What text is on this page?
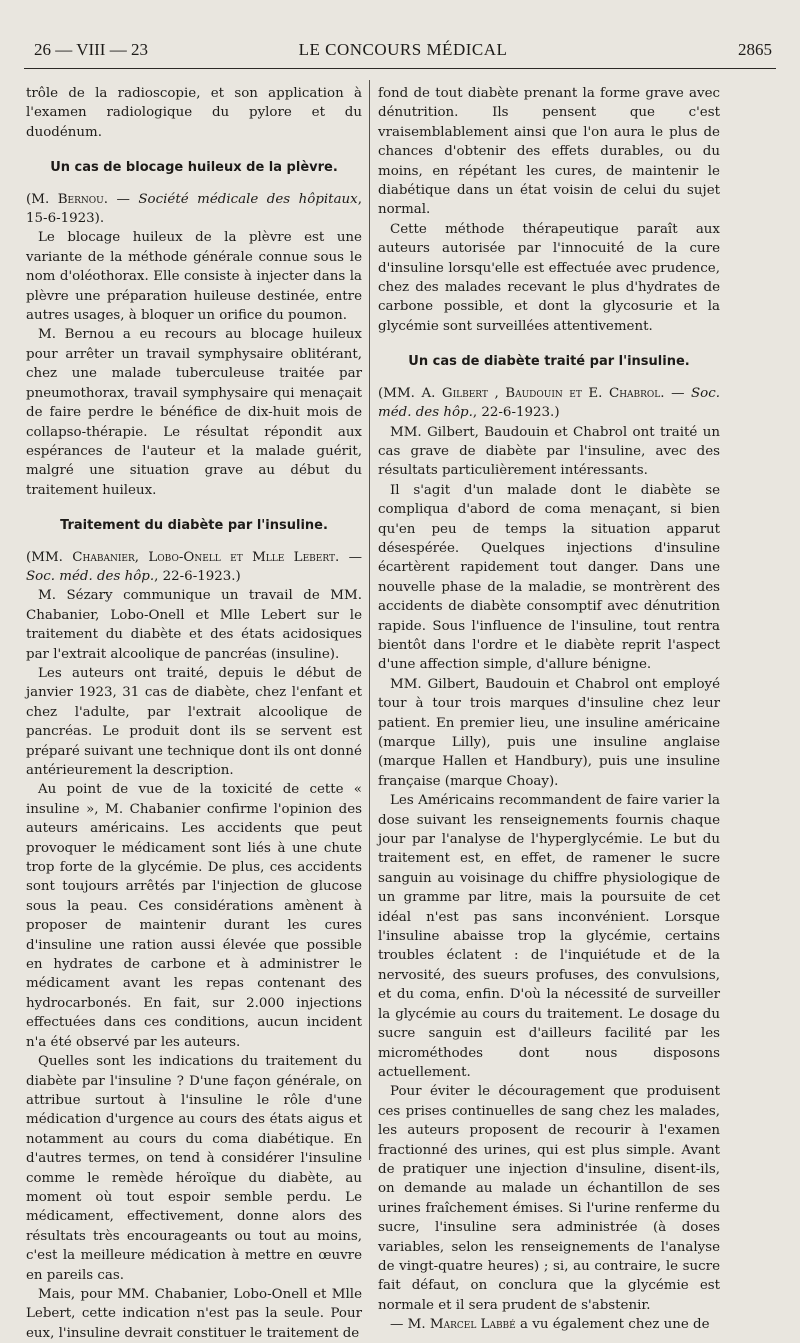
26 — VIII — 23	LE CONCOURS MÉDICAL	2865

trôle de la radioscopie, et son application à l'examen radiologique du pylore et du duodénum.

Un cas de blocage huileux de la plèvre.

(M. Bernou. — Société médicale des hôpitaux, 15-6-1923).

Le blocage huileux de la plèvre est une variante de la méthode générale connue sous le nom d'oléothorax. Elle consiste à injecter dans la plèvre une préparation huileuse destinée, entre autres usages, à bloquer un orifice du poumon.

M. Bernou a eu recours au blocage huileux pour arrêter un travail symphysaire oblitérant, chez une malade tuberculeuse traitée par pneumothorax, travail symphysaire qui menaçait de faire perdre le bénéfice de dix-huit mois de collapso-thérapie. Le résultat répondit aux espérances de l'auteur et la malade guérit, malgré une situation grave au début du traitement huileux.

Traitement du diabète par l'insuline.

(MM. Chabanier, Lobo-Onell et Mlle Lebert. — Soc. méd. des hôp., 22-6-1923.)

M. Sézary communique un travail de MM. Chabanier, Lobo-Onell et Mlle Lebert sur le traitement du diabète et des états acidosiques par l'extrait alcoolique de pancréas (insuline).

Les auteurs ont traité, depuis le début de janvier 1923, 31 cas de diabète, chez l'enfant et chez l'adulte, par l'extrait alcoolique de pancréas. Le produit dont ils se servent est préparé suivant une technique dont ils ont donné antérieurement la description.

Au point de vue de la toxicité de cette « insuline », M. Chabanier confirme l'opinion des auteurs américains. Les accidents que peut provoquer le médicament sont liés à une chute trop forte de la glycémie. De plus, ces accidents sont toujours arrêtés par l'injection de glucose sous la peau. Ces considérations amènent à proposer de maintenir durant les cures d'insuline une ration aussi élevée que possible en hydrates de carbone et à administrer le médicament avant les repas contenant des hydrocarbonés. En fait, sur 2.000 injections effectuées dans ces conditions, aucun incident n'a été observé par les auteurs.

Quelles sont les indications du traitement du diabète par l'insuline ? D'une façon générale, on attribue surtout à l'insuline le rôle d'une médication d'urgence au cours des états aigus et notamment au cours du coma diabétique. En d'autres termes, on tend à considérer l'insuline comme le remède héroïque du diabète, au moment où tout espoir semble perdu. Le médicament, effectivement, donne alors des résultats très encourageants ou tout au moins, c'est la meilleure médication à mettre en œuvre en pareils cas.

Mais, pour MM. Chabanier, Lobo-Onell et Mlle Lebert, cette indication n'est pas la seule. Pour eux, l'insuline devrait constituer le traitement de

fond de tout diabète prenant la forme grave avec dénutrition. Ils pensent que c'est vraisemblablement ainsi que l'on aura le plus de chances d'obtenir des effets durables, ou du moins, en répétant les cures, de maintenir le diabétique dans un état voisin de celui du sujet normal.

Cette méthode thérapeutique paraît aux auteurs autorisée par l'innocuité de la cure d'insuline lorsqu'elle est effectuée avec prudence, chez des malades recevant le plus d'hydrates de carbone possible, et dont la glycosurie et la glycémie sont surveillées attentivement.

Un cas de diabète traité par l'insuline.

(MM. A. Gilbert , Baudouin et E. Chabrol. — Soc. méd. des hôp., 22-6-1923.)

MM. Gilbert, Baudouin et Chabrol ont traité un cas grave de diabète par l'insuline, avec des résultats particulièrement intéressants.

Il s'agit d'un malade dont le diabète se compliqua d'abord de coma menaçant, si bien qu'en peu de temps la situation apparut désespérée. Quelques injections d'insuline écartèrent rapidement tout danger. Dans une nouvelle phase de la maladie, se montrèrent des accidents de diabète consomptif avec dénutrition rapide. Sous l'influence de l'insuline, tout rentra bientôt dans l'ordre et le diabète reprit l'aspect d'une affection simple, d'allure bénigne.

MM. Gilbert, Baudouin et Chabrol ont employé tour à tour trois marques d'insuline chez leur patient. En premier lieu, une insuline américaine (marque Lilly), puis une insuline anglaise (marque Hallen et Handbury), puis une insuline française (marque Choay).

Les Américains recommandent de faire varier la dose suivant les renseignements fournis chaque jour par l'analyse de l'hyperglycémie. Le but du traitement est, en effet, de ramener le sucre sanguin au voisinage du chiffre physiologique de un gramme par litre, mais la poursuite de cet idéal n'est pas sans inconvénient. Lorsque l'insuline abaisse trop la glycémie, certains troubles éclatent : de l'inquiétude et de la nervosité, des sueurs profuses, des convulsions, et du coma, enfin. D'où la nécessité de surveiller la glycémie au cours du traitement. Le dosage du sucre sanguin est d'ailleurs facilité par les microméthodes dont nous disposons actuellement.

Pour éviter le découragement que produisent ces prises continuelles de sang chez les malades, les auteurs proposent de recourir à l'examen fractionné des urines, qui est plus simple. Avant de pratiquer une injection d'insuline, disent-ils, on demande au malade un échantillon de ses urines fraîchement émises. Si l'urine renferme du sucre, l'insuline sera administrée (à doses variables, selon les renseignements de l'analyse de vingt-quatre heures) ; si, au contraire, le sucre fait défaut, on conclura que la glycémie est normale et il sera prudent de s'abstenir.

— M. Marcel Labbé a vu également chez une de
